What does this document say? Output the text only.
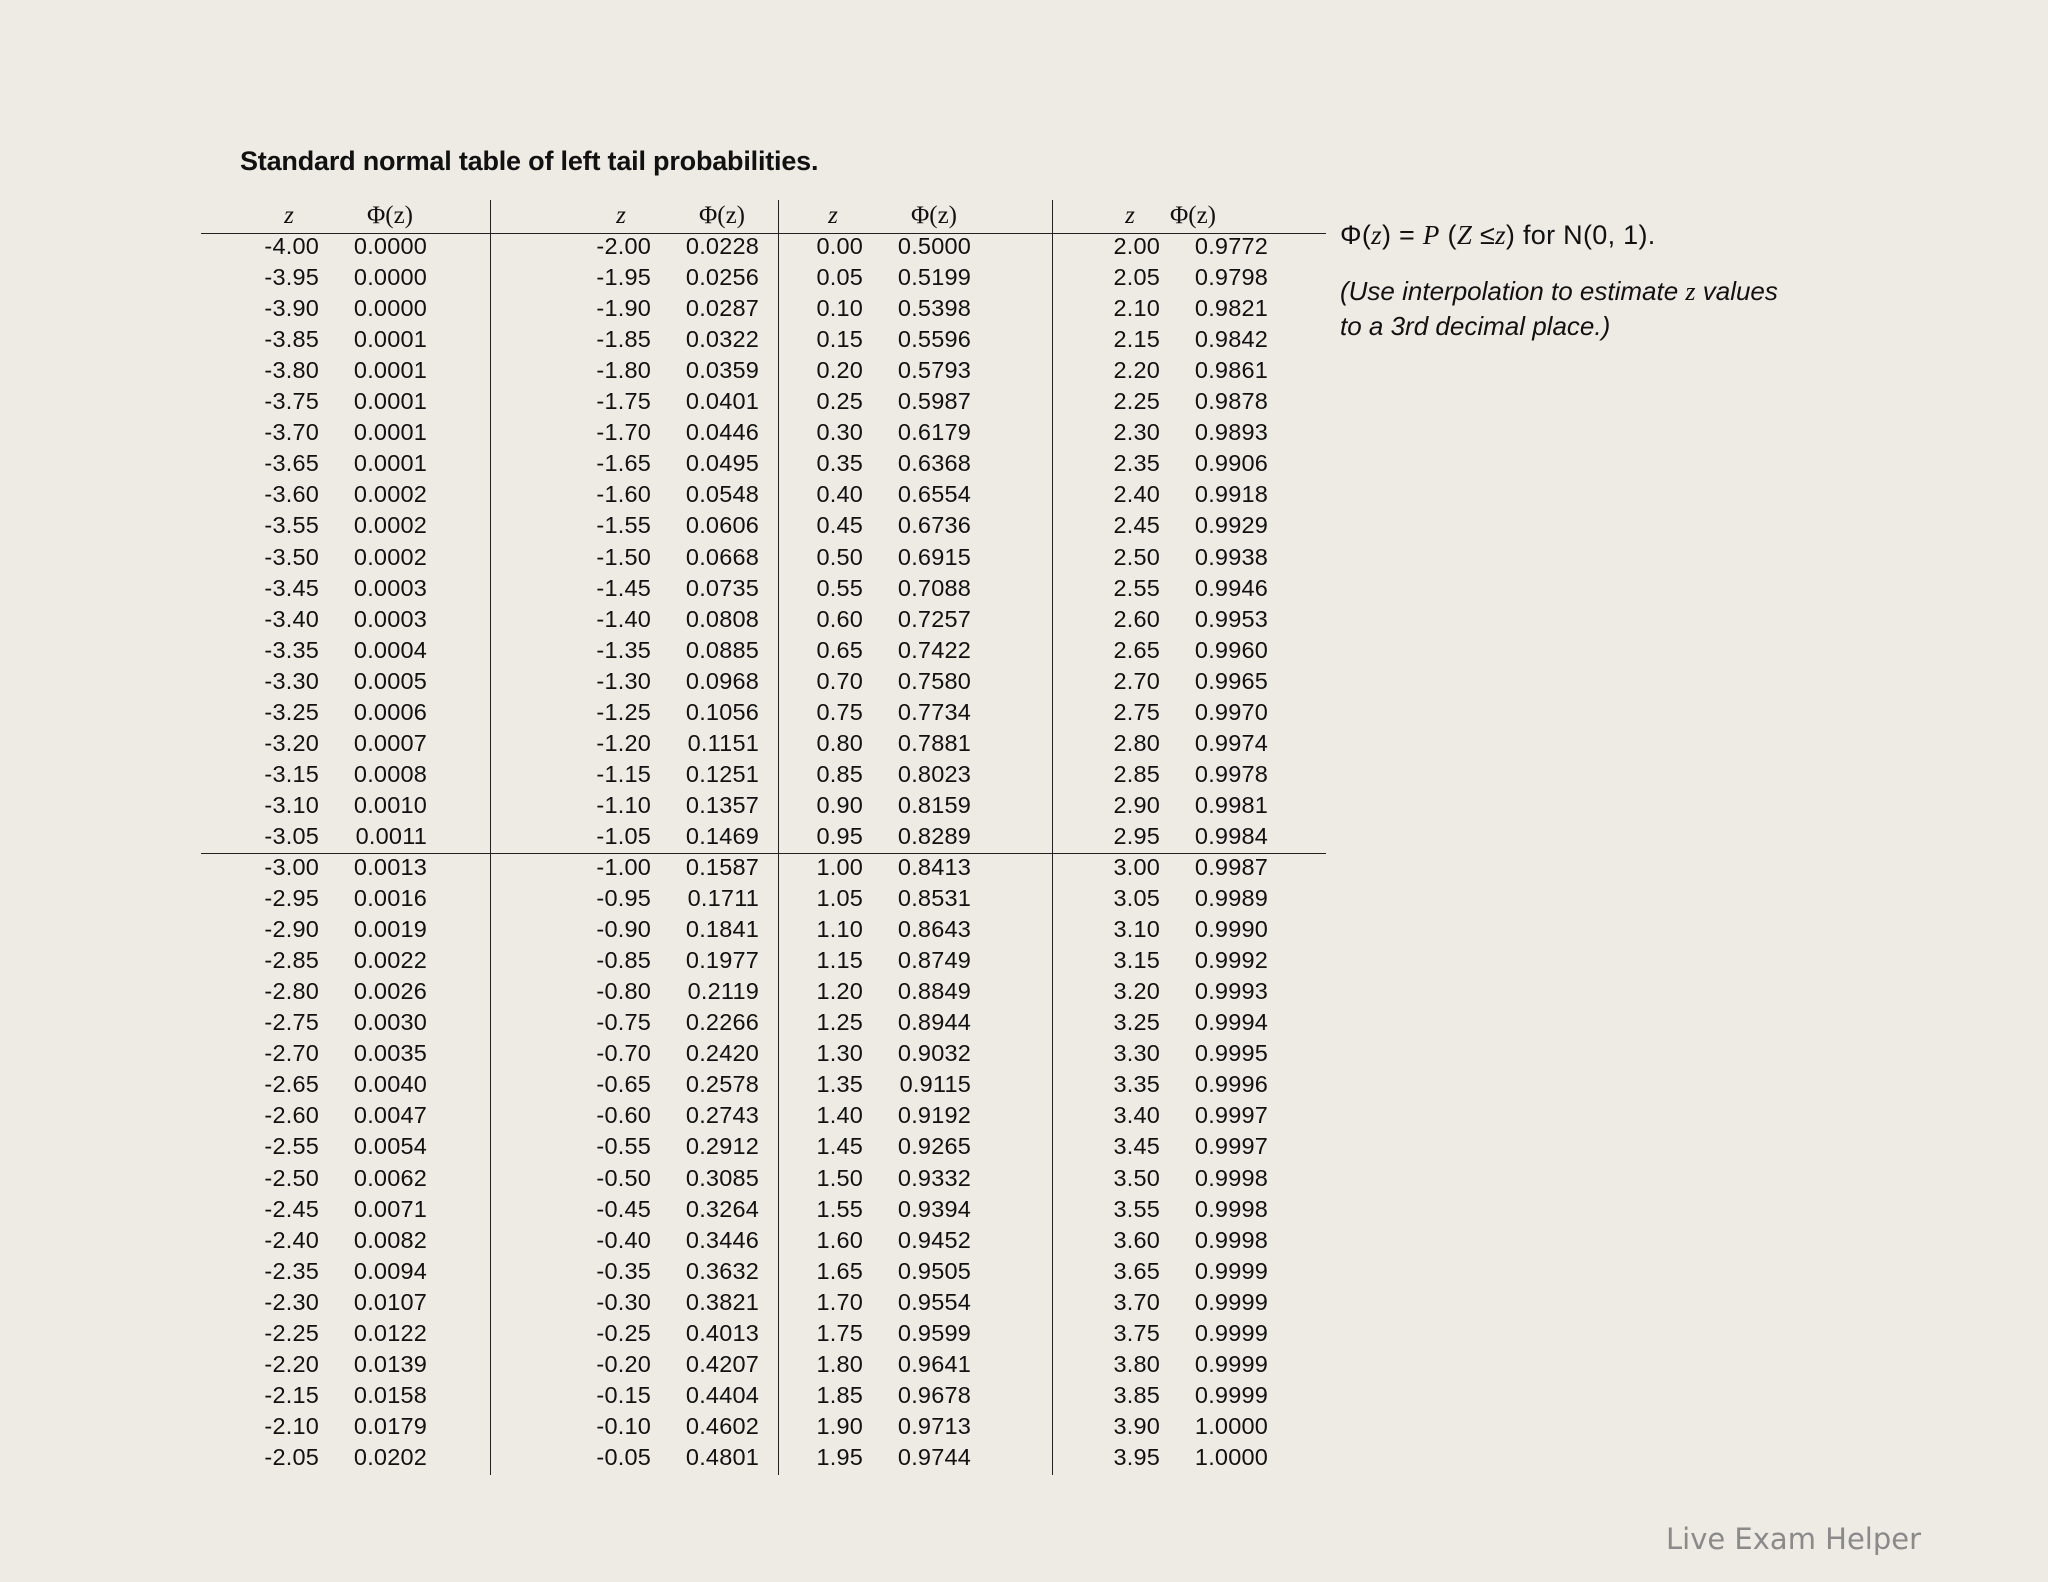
Standard normal table of left tail probabilities.
z	Φ(z)
-4.00	0.0000
-3.95	0.0000
-3.90	0.0000
-3.85	0.0001
-3.80	0.0001
-3.75	0.0001
-3.70	0.0001
-3.65	0.0001
-3.60	0.0002
-3.55	0.0002
-3.50	0.0002
-3.45	0.0003
-3.40	0.0003
-3.35	0.0004
-3.30	0.0005
-3.25	0.0006
-3.20	0.0007
-3.15	0.0008
-3.10	0.0010
-3.05	0.0011
-3.00	0.0013
-2.95	0.0016
-2.90	0.0019
-2.85	0.0022
-2.80	0.0026
-2.75	0.0030
-2.70	0.0035
-2.65	0.0040
-2.60	0.0047
-2.55	0.0054
-2.50	0.0062
-2.45	0.0071
-2.40	0.0082
-2.35	0.0094
-2.30	0.0107
-2.25	0.0122
-2.20	0.0139
-2.15	0.0158
-2.10	0.0179
-2.05	0.0202
z	Φ(z)
-2.00	0.0228
-1.95	0.0256
-1.90	0.0287
-1.85	0.0322
-1.80	0.0359
-1.75	0.0401
-1.70	0.0446
-1.65	0.0495
-1.60	0.0548
-1.55	0.0606
-1.50	0.0668
-1.45	0.0735
-1.40	0.0808
-1.35	0.0885
-1.30	0.0968
-1.25	0.1056
-1.20	0.1151
-1.15	0.1251
-1.10	0.1357
-1.05	0.1469
-1.00	0.1587
-0.95	0.1711
-0.90	0.1841
-0.85	0.1977
-0.80	0.2119
-0.75	0.2266
-0.70	0.2420
-0.65	0.2578
-0.60	0.2743
-0.55	0.2912
-0.50	0.3085
-0.45	0.3264
-0.40	0.3446
-0.35	0.3632
-0.30	0.3821
-0.25	0.4013
-0.20	0.4207
-0.15	0.4404
-0.10	0.4602
-0.05	0.4801
z	Φ(z)
0.00	0.5000
0.05	0.5199
0.10	0.5398
0.15	0.5596
0.20	0.5793
0.25	0.5987
0.30	0.6179
0.35	0.6368
0.40	0.6554
0.45	0.6736
0.50	0.6915
0.55	0.7088
0.60	0.7257
0.65	0.7422
0.70	0.7580
0.75	0.7734
0.80	0.7881
0.85	0.8023
0.90	0.8159
0.95	0.8289
1.00	0.8413
1.05	0.8531
1.10	0.8643
1.15	0.8749
1.20	0.8849
1.25	0.8944
1.30	0.9032
1.35	0.9115
1.40	0.9192
1.45	0.9265
1.50	0.9332
1.55	0.9394
1.60	0.9452
1.65	0.9505
1.70	0.9554
1.75	0.9599
1.80	0.9641
1.85	0.9678
1.90	0.9713
1.95	0.9744
z	Φ(z)
2.00	0.9772
2.05	0.9798
2.10	0.9821
2.15	0.9842
2.20	0.9861
2.25	0.9878
2.30	0.9893
2.35	0.9906
2.40	0.9918
2.45	0.9929
2.50	0.9938
2.55	0.9946
2.60	0.9953
2.65	0.9960
2.70	0.9965
2.75	0.9970
2.80	0.9974
2.85	0.9978
2.90	0.9981
2.95	0.9984
3.00	0.9987
3.05	0.9989
3.10	0.9990
3.15	0.9992
3.20	0.9993
3.25	0.9994
3.30	0.9995
3.35	0.9996
3.40	0.9997
3.45	0.9997
3.50	0.9998
3.55	0.9998
3.60	0.9998
3.65	0.9999
3.70	0.9999
3.75	0.9999
3.80	0.9999
3.85	0.9999
3.90	1.0000
3.95	1.0000
Φ(z) = P (Z ≤z) for N(0, 1).
(Use interpolation to estimate z values
to a 3rd decimal place.)
Live Exam Helper
